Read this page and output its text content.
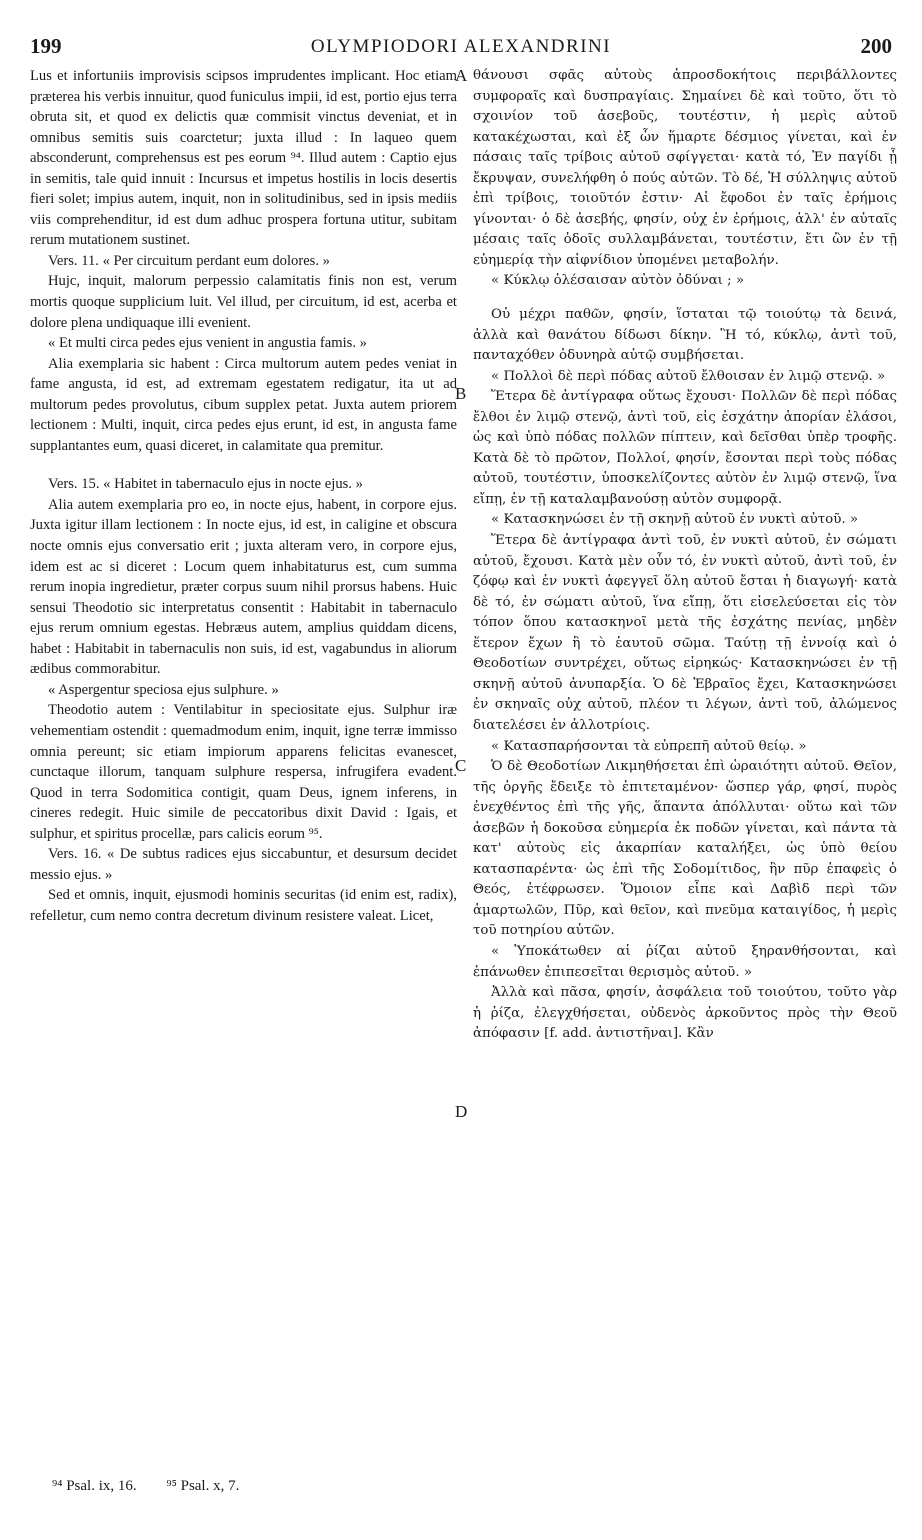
199	OLYMPIODORI ALEXANDRINI	200

Lus et infortuniis improvisis scipsos imprudentes implicant. Hoc etiam præterea his verbis innuitur, quod funiculus impii, id est, portio ejus terra obruta sit, et quod ex delictis quæ commisit vinctus deveniat, et in omnibus semitis suis coarctetur; juxta illud : In laqueo quem absconderunt, comprehensus est pes eorum ⁹⁴. Illud autem : Captio ejus in semitis, tale quid innuit : Incursus et impetus hostilis in locis desertis fieri solet; impius autem, inquit, non in solitudinibus, sed in ipsis mediis viis comprehenditur, id est dum adhuc prospera fortuna utitur, subitam rerum mutationem sustinet.

Vers. 11. « Per circuitum perdant eum dolores. »

Hujc, inquit, malorum perpessio calamitatis finis non est, verum mortis quoque supplicium luit. Vel illud, per circuitum, id est, acerba et dolore plena undiquaque illi evenient.

« Et multi circa pedes ejus venient in angustia famis. »

Alia exemplaria sic habent : Circa multorum autem pedes veniat in fame angusta, id est, ad extremam egestatem redigatur, ita ut ad multorum pedes provolutus, cibum supplex petat. Juxta autem priorem lectionem : Multi, inquit, circa pedes ejus erunt, id est, in angusta fame supplantantes eum, quasi diceret, in calamitate qua premitur.

Vers. 15. « Habitet in tabernaculo ejus in nocte ejus. »

Alia autem exemplaria pro eo, in nocte ejus, habent, in corpore ejus. Juxta igitur illam lectionem : In nocte ejus, id est, in caligine et obscura nocte omnis ejus conversatio erit ; juxta alteram vero, in corpore ejus, idem est ac si diceret : Locum quem inhabitaturus est, cum summa rerum inopia ingredietur, præter corpus suum nihil prorsus habens. Huic sensui Theodotio sic interpretatus consentit : Habitabit in tabernaculo ejus rerum omnium egestas. Hebræus autem, amplius quiddam dicens, habet : Habitabit in tabernaculis non suis, id est, vagabundus in aliorum ædibus commorabitur.

« Aspergentur speciosa ejus sulphure. »

Theodotio autem : Ventilabitur in speciositate ejus. Sulphur iræ vehementiam ostendit : quemadmodum enim, inquit, igne terræ immisso omnia pereunt; sic etiam impiorum apparens felicitas evanescet, cunctaque illorum, tanquam sulphure respersa, infrugifera evadent. Quod in terra Sodomitica contigit, quam Deus, ignem inferens, in cineres redegit. Huic simile de peccatoribus dixit David : Igais, et sulphur, et spiritus procellæ, pars calicis eorum ⁹⁵.

Vers. 16. « De subtus radices ejus siccabuntur, et desursum decidet messio ejus. »

Sed et omnis, inquit, ejusmodi hominis securitas (id enim est, radix), refelletur, cum nemo contra decretum divinum resistere valeat. Licet,

A
B
C
D

θάνουσι σφᾶς αὐτοὺς ἀπροσδοκήτοις περιβάλλοντες συμφοραῖς καὶ δυσπραγίαις. Σημαίνει δὲ καὶ τοῦτο, ὅτι τὸ σχοινίον τοῦ ἀσεβοῦς, τουτέστιν, ἡ μερὶς αὐτοῦ κατακέχωσται, καὶ ἐξ ὧν ἥμαρτε δέσμιος γίνεται, καὶ ἐν πάσαις ταῖς τρίβοις αὐτοῦ σφίγγεται· κατὰ τό, Ἐν παγίδι ᾗ ἔκρυψαν, συνελήφθη ὁ πούς αὐτῶν. Τὸ δέ, Ἡ σύλληψις αὐτοῦ ἐπὶ τρίβοις, τοιοῦτόν ἐστιν· Αἱ ἔφοδοι ἐν ταῖς ἐρήμοις γίνονται· ὁ δὲ ἀσεβής, φησίν, οὐχ ἐν ἐρήμοις, ἀλλ' ἐν αὐταῖς μέσαις ταῖς ὁδοῖς συλλαμβάνεται, τουτέστιν, ἔτι ὢν ἐν τῇ εὐημερίᾳ τὴν αἰφνίδιον ὑπομένει μεταβολήν.

« Κύκλῳ ὀλέσαισαν αὐτὸν ὀδύναι ; »

Οὐ μέχρι παθῶν, φησίν, ἵσταται τῷ τοιούτῳ τὰ δεινά, ἀλλὰ καὶ θανάτου δίδωσι δίκην. Ἢ τό, κύκλῳ, ἀντὶ τοῦ, πανταχόθεν ὀδυνηρὰ αὐτῷ συμβήσεται.

« Πολλοὶ δὲ περὶ πόδας αὐτοῦ ἔλθοισαν ἐν λιμῷ στενῷ. »

Ἕτερα δὲ ἀντίγραφα οὕτως ἔχουσι· Πολλῶν δὲ περὶ πόδας ἔλθοι ἐν λιμῷ στενῷ, ἀντὶ τοῦ, εἰς ἐσχάτην ἀπορίαν ἐλάσοι, ὡς καὶ ὑπὸ πόδας πολλῶν πίπτειν, καὶ δεῖσθαι ὑπὲρ τροφῆς. Κατὰ δὲ τὸ πρῶτον, Πολλοί, φησίν, ἔσονται περὶ τοὺς πόδας αὐτοῦ, τουτέστιν, ὑποσκελίζοντες αὐτὸν ἐν λιμῷ στενῷ, ἵνα εἴπῃ, ἐν τῇ καταλαμβανούσῃ αὐτὸν συμφορᾷ.

« Κατασκηνώσει ἐν τῇ σκηνῇ αὐτοῦ ἐν νυκτὶ αὐτοῦ. »

Ἕτερα δὲ ἀντίγραφα ἀντὶ τοῦ, ἐν νυκτὶ αὐτοῦ, ἐν σώματι αὐτοῦ, ἔχουσι. Κατὰ μὲν οὖν τό, ἐν νυκτὶ αὐτοῦ, ἀντὶ τοῦ, ἐν ζόφῳ καὶ ἐν νυκτὶ ἀφεγγεῖ ὅλη αὐτοῦ ἔσται ἡ διαγωγή· κατὰ δὲ τό, ἐν σώματι αὐτοῦ, ἵνα εἴπῃ, ὅτι εἰσελεύσεται εἰς τὸν τόπον ὅπου κατασκηνοῖ μετὰ τῆς ἐσχάτης πενίας, μηδὲν ἕτερον ἔχων ἢ τὸ ἑαυτοῦ σῶμα. Ταύτῃ τῇ ἐννοίᾳ καὶ ὁ Θεοδοτίων συντρέχει, οὕτως εἰρηκώς· Κατασκηνώσει ἐν τῇ σκηνῇ αὐτοῦ ἀνυπαρξία. Ὁ δὲ Ἑβραῖος ἔχει, Κατασκηνώσει ἐν σκηναῖς οὐχ αὐτοῦ, πλέον τι λέγων, ἀντὶ τοῦ, ἀλώμενος διατελέσει ἐν ἀλλοτρίοις.

« Κατασπαρήσονται τὰ εὐπρεπῆ αὐτοῦ θείῳ. »

Ὁ δὲ Θεοδοτίων Λικμηθήσεται ἐπὶ ὡραιότητι αὐτοῦ. Θεῖον, τῆς ὀργῆς ἔδειξε τὸ ἐπιτεταμένον· ὥσπερ γάρ, φησί, πυρὸς ἐνεχθέντος ἐπὶ τῆς γῆς, ἅπαντα ἀπόλλυται· οὕτω καὶ τῶν ἀσεβῶν ἡ δοκοῦσα εὐημερία ἐκ ποδῶν γίνεται, καὶ πάντα τὰ κατ' αὐτοὺς εἰς ἀκαρπίαν καταλήξει, ὡς ὑπὸ θείου κατασπαρέντα· ὡς ἐπὶ τῆς Σοδομίτιδος, ἣν πῦρ ἐπαφεὶς ὁ Θεός, ἐτέφρωσεν. Ὅμοιον εἶπε καὶ Δαβὶδ περὶ τῶν ἁμαρτωλῶν, Πῦρ, καὶ θεῖον, καὶ πνεῦμα καταιγίδος, ἡ μερὶς τοῦ ποτηρίου αὐτῶν.

« Ὑποκάτωθεν αἱ ῥίζαι αὐτοῦ ξηρανθήσονται, καὶ ἐπάνωθεν ἐπιπεσεῖται θερισμὸς αὐτοῦ. »

Ἀλλὰ καὶ πᾶσα, φησίν, ἀσφάλεια τοῦ τοιούτου, τοῦτο γὰρ ἡ ῥίζα, ἐλεγχθήσεται, οὐδενὸς ἀρκοῦντος πρὸς τὴν Θεοῦ ἀπόφασιν [f. add. ἀντιστῆναι]. Κἂν

⁹⁴ Psal. ix, 16. ⁹⁵ Psal. x, 7.
